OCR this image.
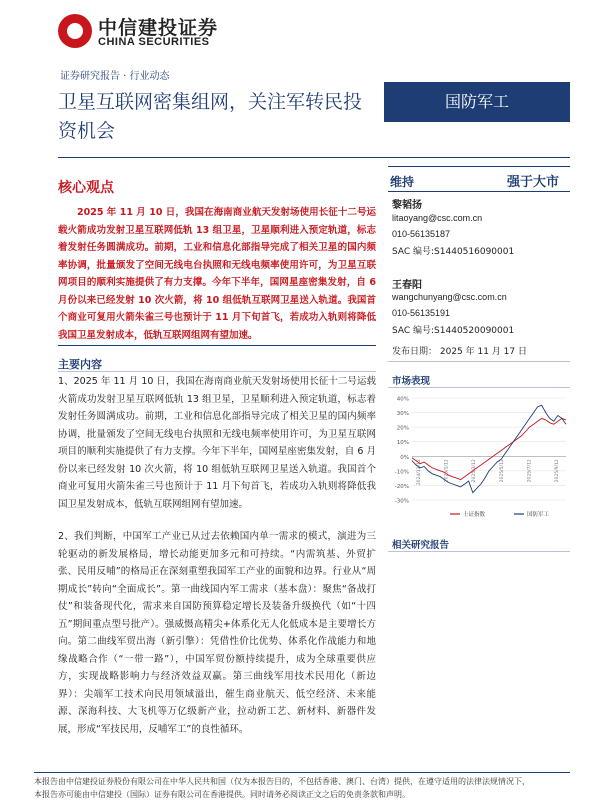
中信建投证券
CHINA SECURITIES
证券研究报告 · 行业动态
卫星互联网密集组网，关注军转民投资机会
国防军工
核心观点

2025 年 11 月 10 日，我国在海南商业航天发射场使用长征十二号运载火箭成功发射卫星互联网低轨 13 组卫星，卫星顺利进入预定轨道，标志着发射任务圆满成功。前期，工业和信息化部指导完成了相关卫星的国内频率协调，批量颁发了空间无线电台执照和无线电频率使用许可，为卫星互联网项目的顺利实施提供了有力支撑。今年下半年，国网星座密集发射，自 6 月份以来已经发射 10 次火箭，将 10 组低轨互联网卫星送入轨道。我国首个商业可复用火箭朱雀三号也预计于 11 月下旬首飞，若成功入轨则将降低我国卫星发射成本，低轨互联网组网有望加速。

主要内容

1、2025 年 11 月 10 日，我国在海南商业航天发射场使用长征十二号运载火箭成功发射卫星互联网低轨 13 组卫星，卫星顺利进入预定轨道，标志着发射任务圆满成功。前期，工业和信息化部指导完成了相关卫星的国内频率协调，批量颁发了空间无线电台执照和无线电频率使用许可，为卫星互联网项目的顺利实施提供了有力支撑。今年下半年，国网星座密集发射，自 6 月份以来已经发射 10 次火箭，将 10 组低轨互联网卫星送入轨道。我国首个商业可复用火箭朱雀三号也预计于 11 月下旬首飞，若成功入轨则将降低我国卫星发射成本，低轨互联网组网有望加速。

2、我们判断，中国军工产业已从过去依赖国内单一需求的模式，演进为三轮驱动的新发展格局，增长动能更加多元和可持续。“内需筑基、外贸扩张、民用反哺”的格局正在深刻重塑我国军工产业的面貌和边界。行业从“周期成长”转向“全面成长”。第一曲线国内军工需求（基本盘）：聚焦“备战打仗”和装备现代化，需求来自国防预算稳定增长及装备升级换代（如“十四五”期间重点型号批产）。强威慑高精尖+体系化无人化低成本是主要增长方向。第二曲线军贸出海（新引擎）：凭借性价比优势、体系化作战能力和地缘战略合作（“一带一路”），中国军贸份额持续提升，成为全球重要供应方，实现战略影响力与经济效益双赢。第三曲线军用技术民用化（新边界）：尖端军工技术向民用领域溢出，催生商业航天、低空经济、未来能源、深海科技、大飞机等万亿级新产业，拉动新工艺、新材料、新器件发展，形成“军技民用，反哺军工”的良性循环。

维持	强于大市
黎韬扬
litaoyang@csc.com.cn
010-56135187
SAC 编号:S1440516090001
王春阳
wangchunyang@csc.com.cn
010-56135191
SAC 编号:S1440520090001
发布日期： 2025 年 11 月 17 日
市场表现
40%
30%
20%
10%
0%
-10%
-20%
-30%
2024/11/12	2025/1/12	2025/3/12	2025/5/12	2025/7/12	2025/9/12
上证指数	国防军工
相关研究报告
本报告由中信建投证券股份有限公司在中华人民共和国（仅为本报告目的，不包括香港、澳门、台湾）提供，在遵守适用的法律法规情况下，
本报告亦可能由中信建投（国际）证券有限公司在香港提供。同时请务必阅读正文之后的免责条款和声明。
